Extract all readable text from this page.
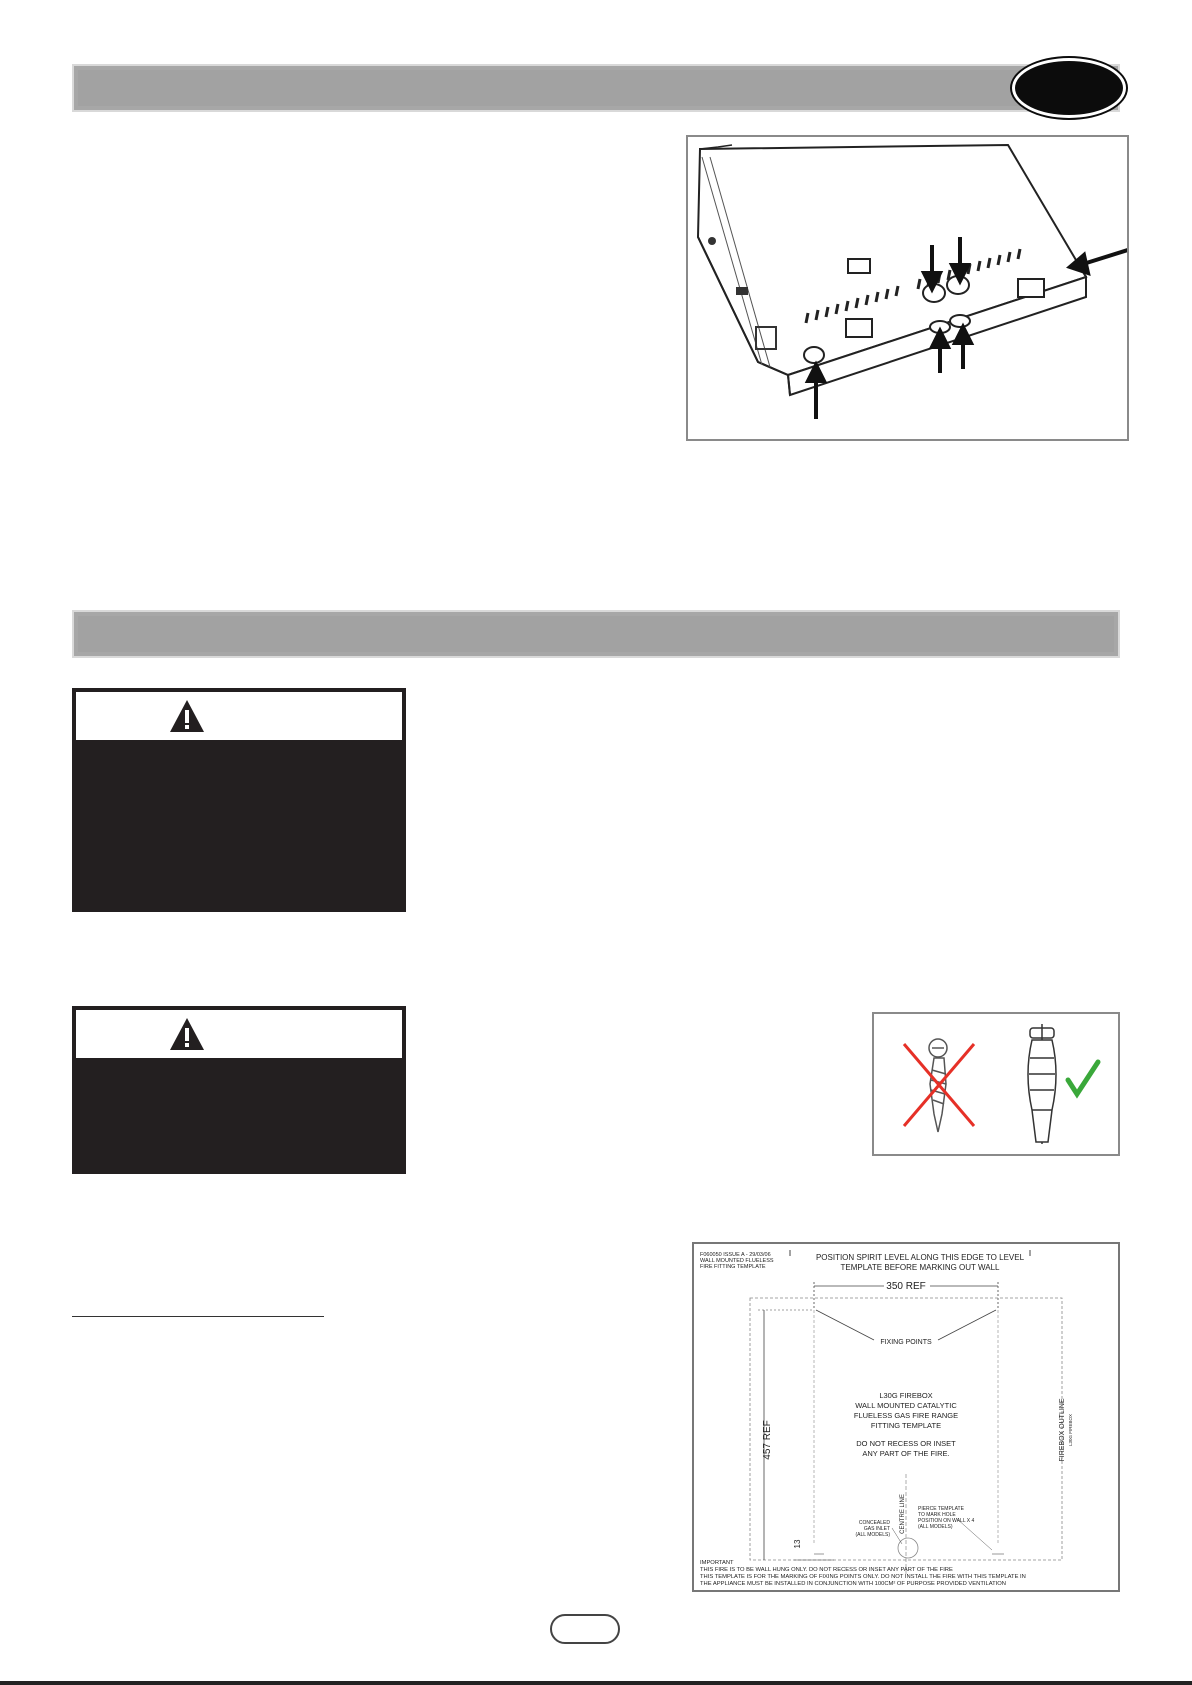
F060050 ISSUE A - 29/03/06
WALL MOUNTED FLUELESS
FIRE FITTING TEMPLATE
POSITION SPIRIT LEVEL ALONG THIS EDGE TO LEVEL
TEMPLATE BEFORE MARKING OUT WALL
350 REF
FIXING POINTS
L30G FIREBOX
WALL MOUNTED CATALYTIC
FLUELESS GAS FIRE RANGE
FITTING TEMPLATE
DO NOT RECESS OR INSET
ANY PART OF THE FIRE.
457 REF
13
FIREBOX OUTLINE L30G FIREBOX
CENTRE LINE
CONCEALED
GAS INLET
(ALL MODELS)
PIERCE TEMPLATE
TO MARK HOLE
POSITION ON WALL X 4
(ALL MODELS)
IMPORTANT
THIS FIRE IS TO BE WALL HUNG ONLY. DO NOT RECESS OR INSET ANY PART OF THE FIRE
THIS TEMPLATE IS FOR THE MARKING OF FIXING POINTS ONLY. DO NOT INSTALL THE FIRE WITH THIS TEMPLATE IN
THE APPLIANCE MUST BE INSTALLED IN CONJUNCTION WITH 100CM² OF PURPOSE PROVIDED VENTILATION
